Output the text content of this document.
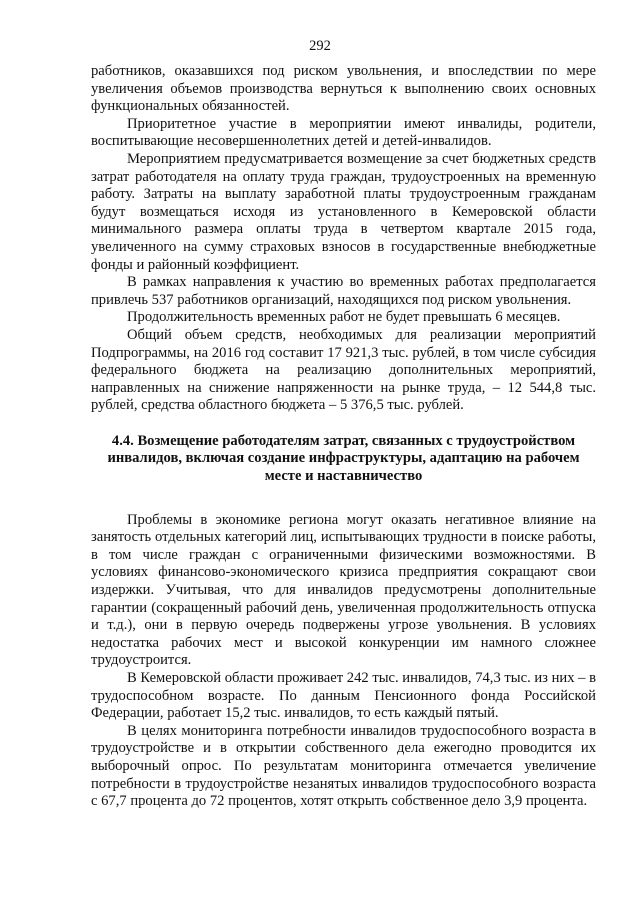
292

работников, оказавшихся под риском увольнения, и впоследствии по мере увеличения объемов производства вернуться к выполнению своих основных функциональных обязанностей.

Приоритетное участие в мероприятии имеют инвалиды, родители, воспитывающие несовершеннолетних детей и детей-инвалидов.

Мероприятием предусматривается возмещение за счет бюджетных средств затрат работодателя на оплату труда граждан, трудоустроенных на временную работу. Затраты на выплату заработной платы трудоустроенным гражданам будут возмещаться исходя из установленного в Кемеровской области минимального размера оплаты труда в четвертом квартале 2015 года, увеличенного на сумму страховых взносов в государственные внебюджетные фонды и районный коэффициент.

В рамках направления к участию во временных работах предполагается привлечь 537 работников организаций, находящихся под риском увольнения.

Продолжительность временных работ не будет превышать 6 месяцев.

Общий объем средств, необходимых для реализации мероприятий Подпрограммы, на 2016 год составит 17 921,3 тыс. рублей, в том числе субсидия федерального бюджета на реализацию дополнительных мероприятий, направленных на снижение напряженности на рынке труда, – 12 544,8 тыс. рублей, средства областного бюджета – 5 376,5 тыс. рублей.

4.4. Возмещение работодателям затрат, связанных с трудоустройством инвалидов, включая создание инфраструктуры, адаптацию на рабочем месте и наставничество

Проблемы в экономике региона могут оказать негативное влияние на занятость отдельных категорий лиц, испытывающих трудности в поиске работы, в том числе граждан с ограниченными физическими возможностями. В условиях финансово-экономического кризиса предприятия сокращают свои издержки. Учитывая, что для инвалидов предусмотрены дополнительные гарантии (сокращенный рабочий день, увеличенная продолжительность отпуска и т.д.), они в первую очередь подвержены угрозе увольнения. В условиях недостатка рабочих мест и высокой конкуренции им намного сложнее трудоустроится.

В Кемеровской области проживает 242 тыс. инвалидов, 74,3 тыс. из них – в трудоспособном возрасте. По данным Пенсионного фонда Российской Федерации, работает 15,2 тыс. инвалидов, то есть каждый пятый.

В целях мониторинга потребности инвалидов трудоспособного возраста в трудоустройстве и в открытии собственного дела ежегодно проводится их выборочный опрос. По результатам мониторинга отмечается увеличение потребности в трудоустройстве незанятых инвалидов трудоспособного возраста с 67,7 процента до 72 процентов, хотят открыть собственное дело 3,9 процента.
